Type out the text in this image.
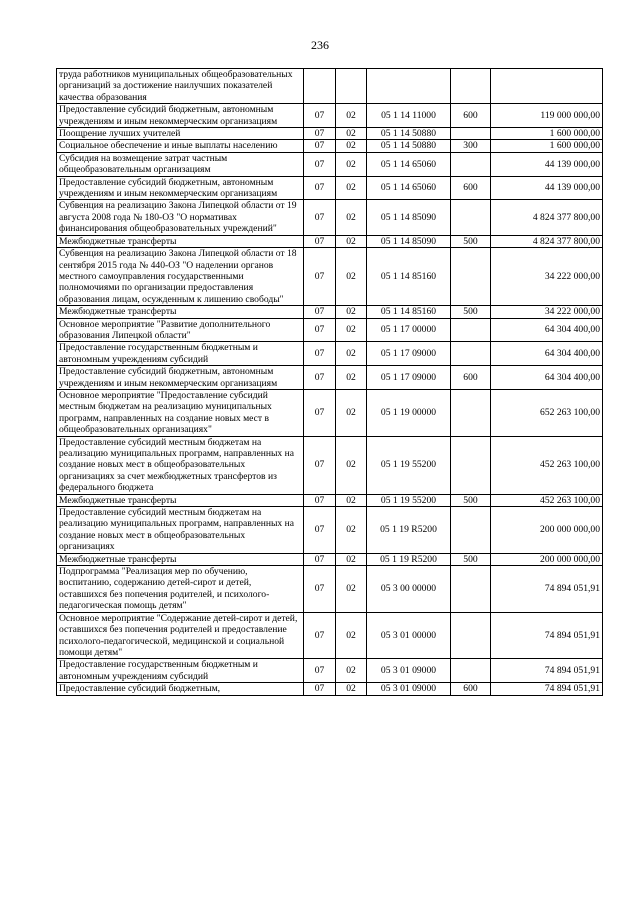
236
труда работников муниципальных общеобразовательных организаций за достижение наилучших показателей качества образования					
Предоставление субсидий бюджетным, автономным учреждениям и иным некоммерческим организациям	07	02	05 1 14 11000	600	119 000 000,00
Поощрение лучших учителей	07	02	05 1 14 50880		1 600 000,00
Социальное обеспечение и иные выплаты населению	07	02	05 1 14 50880	300	1 600 000,00
Субсидия на возмещение затрат частным общеобразовательным организациям	07	02	05 1 14 65060		44 139 000,00
Предоставление субсидий бюджетным, автономным учреждениям и иным некоммерческим организациям	07	02	05 1 14 65060	600	44 139 000,00
Субвенция на реализацию Закона Липецкой области от 19 августа 2008 года № 180-ОЗ "О нормативах финансирования общеобразовательных учреждений"	07	02	05 1 14 85090		4 824 377 800,00
Межбюджетные трансферты	07	02	05 1 14 85090	500	4 824 377 800,00
Субвенция на реализацию Закона Липецкой области от 18 сентября 2015 года № 440-ОЗ "О наделении органов местного самоуправления государственными полномочиями по организации предоставления образования лицам, осужденным к лишению свободы"	07	02	05 1 14 85160		34 222 000,00
Межбюджетные трансферты	07	02	05 1 14 85160	500	34 222 000,00
Основное мероприятие "Развитие дополнительного образования Липецкой области"	07	02	05 1 17 00000		64 304 400,00
Предоставление государственным бюджетным и автономным учреждениям субсидий	07	02	05 1 17 09000		64 304 400,00
Предоставление субсидий бюджетным, автономным учреждениям и иным некоммерческим организациям	07	02	05 1 17 09000	600	64 304 400,00
Основное мероприятие "Предоставление субсидий местным бюджетам на реализацию муниципальных программ, направленных на создание новых мест в общеобразовательных организациях"	07	02	05 1 19 00000		652 263 100,00
Предоставление субсидий местным бюджетам на реализацию муниципальных программ, направленных на создание новых мест в общеобразовательных организациях за счет межбюджетных трансфертов из федерального бюджета	07	02	05 1 19 55200		452 263 100,00
Межбюджетные трансферты	07	02	05 1 19 55200	500	452 263 100,00
Предоставление субсидий местным бюджетам на реализацию муниципальных программ, направленных на создание новых мест в общеобразовательных организациях	07	02	05 1 19 R5200		200 000 000,00
Межбюджетные трансферты	07	02	05 1 19 R5200	500	200 000 000,00
Подпрограмма "Реализация мер по обучению, воспитанию, содержанию детей-сирот и детей, оставшихся без попечения родителей, и психолого-педагогическая помощь детям"	07	02	05 3 00 00000		74 894 051,91
Основное мероприятие "Содержание детей-сирот и детей, оставшихся без попечения родителей и предоставление психолого-педагогической, медицинской и социальной помощи детям"	07	02	05 3 01 00000		74 894 051,91
Предоставление государственным бюджетным и автономным учреждениям субсидий	07	02	05 3 01 09000		74 894 051,91
Предоставление субсидий бюджетным,	07	02	05 3 01 09000	600	74 894 051,91
